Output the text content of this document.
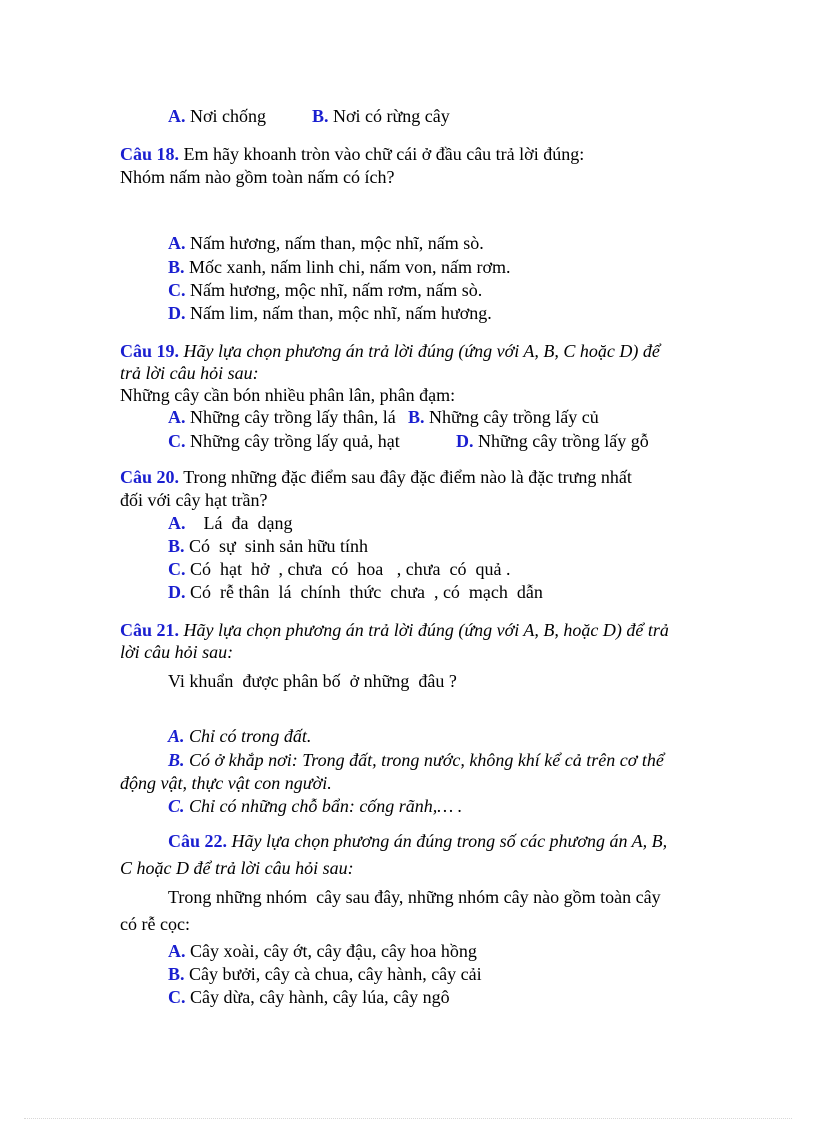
A. Nơi chống	B. Nơi có rừng cây
Câu 18. Em hãy khoanh tròn vào chữ cái ở đầu câu trả lời đúng:
Nhóm nấm nào gồm toàn nấm có ích?
A. Nấm hương, nấm than, mộc nhĩ, nấm sò.
B. Mốc xanh, nấm linh chi, nấm von, nấm rơm.
C. Nấm hương, mộc nhĩ, nấm rơm, nấm sò.
D. Nấm lim, nấm than, mộc nhĩ, nấm hương.
Câu 19. Hãy lựa chọn phương án trả lời đúng (ứng với A, B, C hoặc D) để
trả lời câu hỏi sau:
Những cây cần bón nhiều phân lân, phân đạm:
A. Những cây trồng lấy thân, lá B. Những cây trồng lấy củ
C. Những cây trồng lấy quả, hạt	D. Những cây trồng lấy gỗ
Câu 20. Trong những đặc điểm sau đây đặc điểm nào là đặc trưng nhất
đối với cây hạt trần?
A.    Lá  đa  dạng
B. Có  sự  sinh sản hữu tính
C. Có  hạt  hở  , chưa  có  hoa   , chưa  có  quả .
D. Có  rễ thân  lá  chính  thức  chưa  , có  mạch  dẫn
Câu 21. Hãy lựa chọn phương án trả lời đúng (ứng với A, B, hoặc D) để trả
lời câu hỏi sau:
Vi khuẩn  được phân bố  ở những  đâu ?
A. Chỉ có trong đất.
B. Có ở khắp nơi: Trong đất, trong nước, không khí kể cả trên cơ thể
động vật, thực vật con người.
C. Chỉ có những chỗ bẩn: cống rãnh,… .
Câu 22. Hãy lựa chọn phương án đúng trong số các phương án A, B,
C hoặc D để trả lời câu hỏi sau:
Trong những nhóm  cây sau đây, những nhóm cây nào gồm toàn cây
có rễ cọc:
A. Cây xoài, cây ớt, cây đậu, cây hoa hồng
B. Cây bưởi, cây cà chua, cây hành, cây cải
C. Cây dừa, cây hành, cây lúa, cây ngô
